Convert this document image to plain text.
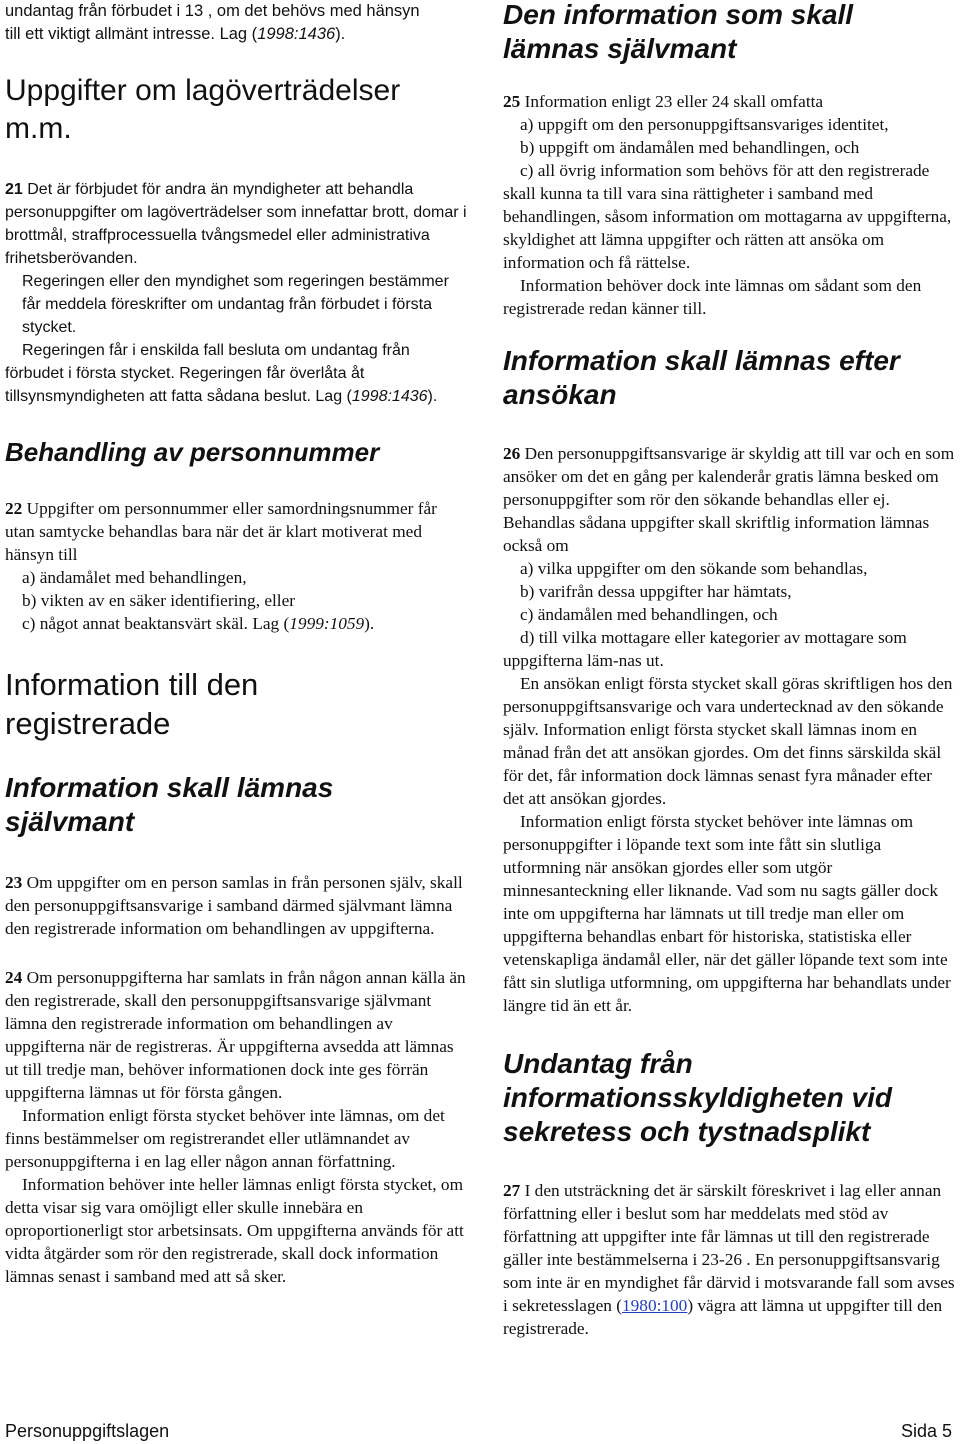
undantag från förbudet i 13 , om det behövs med hänsyn
till ett viktigt allmänt intresse. Lag (1998:1436).

Uppgifter om lagöverträdelser m.m.

21 Det är förbjudet för andra än myndigheter att behandla personuppgifter om lagöverträdelser som innefattar brott, domar i brottmål, straffprocessuella tvångsmedel eller administrativa frihetsberövanden.

Regeringen eller den myndighet som regeringen bestämmer får meddela föreskrifter om undantag från förbudet i första stycket.

Regeringen får i enskilda fall besluta om undantag från förbudet i första stycket. Regeringen får överlåta åt tillsynsmyndigheten att fatta sådana beslut. Lag (1998:1436).

Behandling av personnummer

22 Uppgifter om personnummer eller samordningsnummer får utan samtycke behandlas bara när det är klart motiverat med hänsyn till

a) ändamålet med behandlingen,

b) vikten av en säker identifiering, eller

c) något annat beaktansvärt skäl. Lag (1999:1059).

Information till den registrerade
Information skall lämnas självmant

23 Om uppgifter om en person samlas in från personen själv, skall den personuppgiftsansvarige i samband därmed självmant lämna den registrerade information om behandlingen av uppgifterna.

24 Om personuppgifterna har samlats in från någon annan källa än den registrerade, skall den personuppgiftsansvarige självmant lämna den registrerade information om behandlingen av uppgifterna när de registreras. Är uppgifterna avsedda att lämnas ut till tredje man, behöver informationen dock inte ges förrän uppgifterna lämnas ut för första gången.

Information enligt första stycket behöver inte lämnas, om det finns bestämmelser om registrerandet eller utlämnandet av personuppgifterna i en lag eller någon annan författning.

Information behöver inte heller lämnas enligt första stycket, om detta visar sig vara omöjligt eller skulle innebära en oproportionerligt stor arbetsinsats. Om uppgifterna används för att vidta åtgärder som rör den registrerade, skall dock information lämnas senast i samband med att så sker.

Den information som skall lämnas självmant

25 Information enligt 23 eller 24 skall omfatta

a) uppgift om den personuppgiftsansvariges identitet,

b) uppgift om ändamålen med behandlingen, och

c) all övrig information som behövs för att den registrerade skall kunna ta till vara sina rättigheter i samband med behandlingen, såsom information om mottagarna av uppgifterna, skyldighet att lämna uppgifter och rätten att ansöka om information och få rättelse.

Information behöver dock inte lämnas om sådant som den registrerade redan känner till.

Information skall lämnas efter ansökan

26 Den personuppgiftsansvarige är skyldig att till var och en som ansöker om det en gång per kalenderår gratis lämna besked om personuppgifter som rör den sökande behandlas eller ej. Behandlas sådana uppgifter skall skriftlig information lämnas också om

a) vilka uppgifter om den sökande som behandlas,

b) varifrån dessa uppgifter har hämtats,

c) ändamålen med behandlingen, och

d) till vilka mottagare eller kategorier av mottagare som uppgifterna läm-nas ut.

En ansökan enligt första stycket skall göras skriftligen hos den personuppgiftsansvarige och vara undertecknad av den sökande själv. Information enligt första stycket skall lämnas inom en månad från det att ansökan gjordes. Om det finns särskilda skäl för det, får information dock lämnas senast fyra månader efter det att ansökan gjordes.

Information enligt första stycket behöver inte lämnas om personuppgifter i löpande text som inte fått sin slutliga utformning när ansökan gjordes eller som utgör minnesanteckning eller liknande. Vad som nu sagts gäller dock inte om uppgifterna har lämnats ut till tredje man eller om uppgifterna behandlas enbart för historiska, statistiska eller vetenskapliga ändamål eller, när det gäller löpande text som inte fått sin slutliga utformning, om uppgifterna har behandlats under längre tid än ett år.

Undantag från informationsskyldigheten vid sekretess och tystnadsplikt

27 I den utsträckning det är särskilt föreskrivet i lag eller annan författning eller i beslut som har meddelats med stöd av författning att uppgifter inte får lämnas ut till den registrerade gäller inte bestämmelserna i 23-26 . En personuppgiftsansvarig som inte är en myndighet får därvid i motsvarande fall som avses i sekretesslagen (1980:100) vägra att lämna ut uppgifter till den registrerade.

Personuppgiftslagen	Sida 5
